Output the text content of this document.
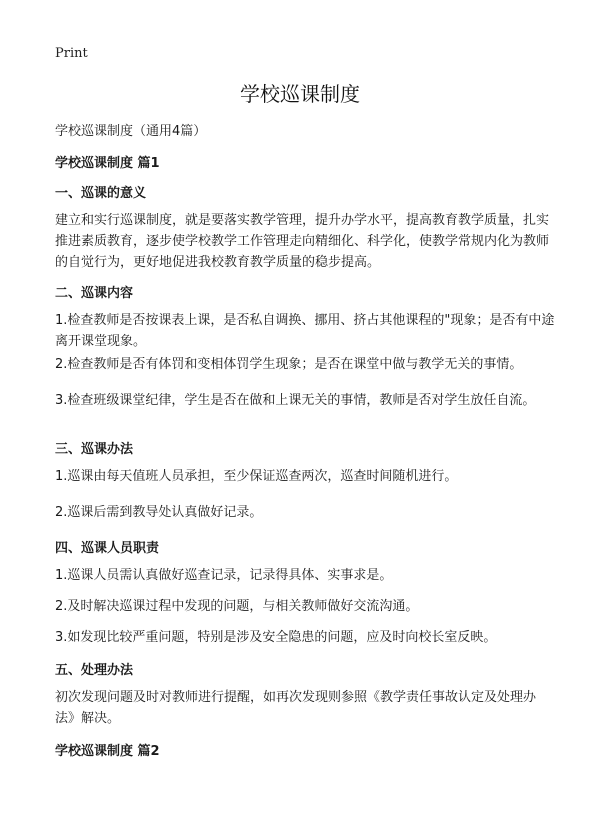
Print
学校巡课制度

学校巡课制度（通用4篇）

学校巡课制度 篇1
一、巡课的意义

建立和实行巡课制度，就是要落实教学管理，提升办学水平，提高教育教学质量，扎实推进素质教育，逐步使学校教学工作管理走向精细化、科学化，使教学常规内化为教师的自觉行为，更好地促进我校教育教学质量的稳步提高。

二、巡课内容

1.检查教师是否按课表上课，是否私自调换、挪用、挤占其他课程的"现象；是否有中途离开课堂现象。

2.检查教师是否有体罚和变相体罚学生现象；是否在课堂中做与教学无关的事情。

3.检查班级课堂纪律，学生是否在做和上课无关的事情，教师是否对学生放任自流。

三、巡课办法

1.巡课由每天值班人员承担，至少保证巡查两次，巡查时间随机进行。

2.巡课后需到教导处认真做好记录。

四、巡课人员职责

1.巡课人员需认真做好巡查记录，记录得具体、实事求是。

2.及时解决巡课过程中发现的问题，与相关教师做好交流沟通。

3.如发现比较严重问题，特别是涉及安全隐患的问题，应及时向校长室反映。

五、处理办法

初次发现问题及时对教师进行提醒，如再次发现则参照《教学责任事故认定及处理办法》解决。

学校巡课制度 篇2
